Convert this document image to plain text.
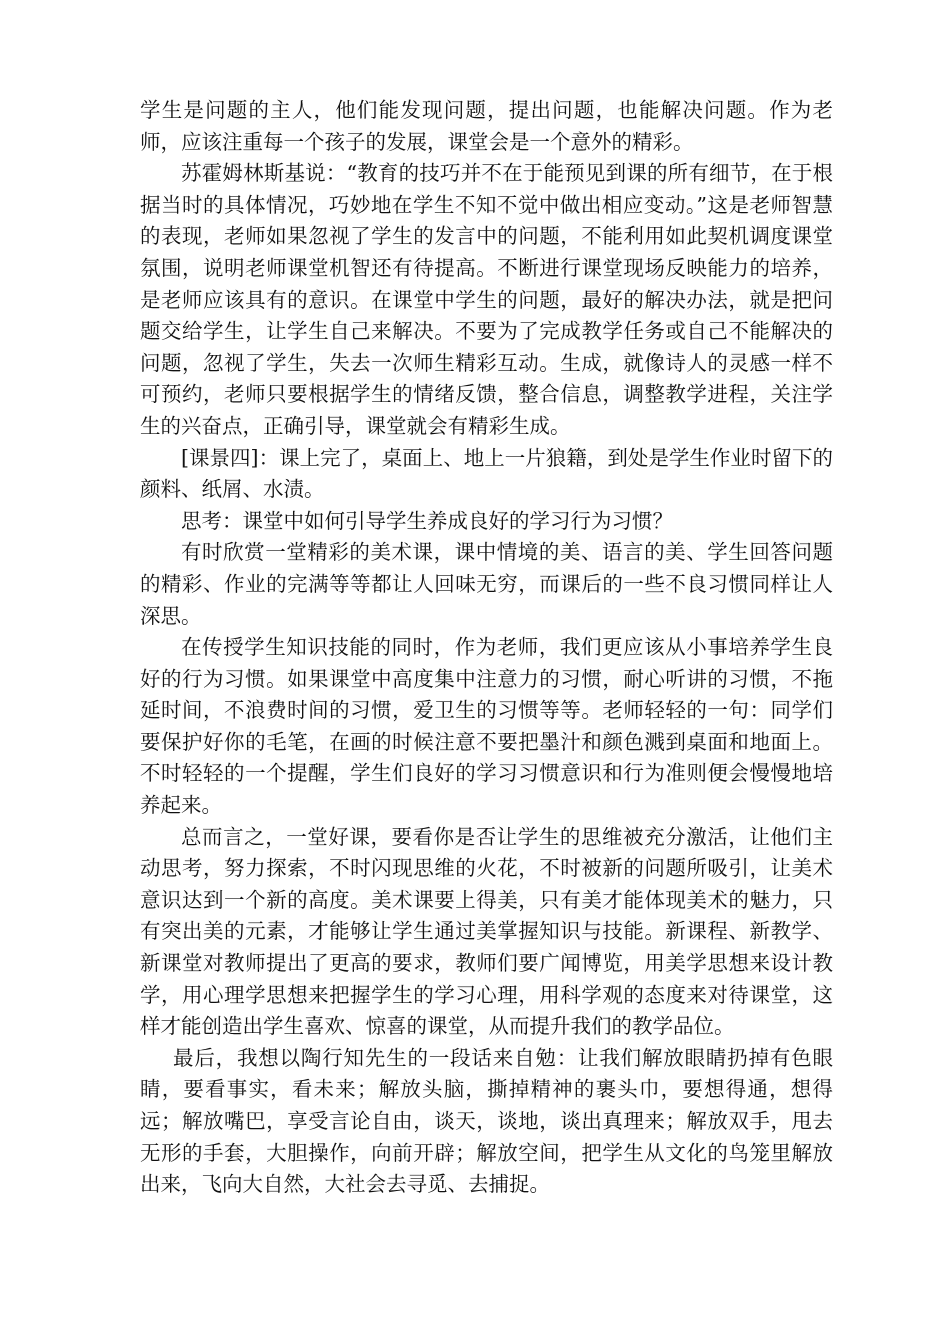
学生是问题的主人，他们能发现问题，提出问题，也能解决问题。作为老师，应该注重每一个孩子的发展，课堂会是一个意外的精彩。

苏霍姆林斯基说：“教育的技巧并不在于能预见到课的所有细节，在于根据当时的具体情况，巧妙地在学生不知不觉中做出相应变动。”这是老师智慧的表现，老师如果忽视了学生的发言中的问题，不能利用如此契机调度课堂氛围，说明老师课堂机智还有待提高。不断进行课堂现场反映能力的培养，是老师应该具有的意识。在课堂中学生的问题，最好的解决办法，就是把问题交给学生，让学生自己来解决。不要为了完成教学任务或自己不能解决的问题，忽视了学生，失去一次师生精彩互动。生成，就像诗人的灵感一样不可预约，老师只要根据学生的情绪反馈，整合信息，调整教学进程，关注学生的兴奋点，正确引导，课堂就会有精彩生成。

[课景四]：课上完了，桌面上、地上一片狼籍，到处是学生作业时留下的颜料、纸屑、水渍。

思考：课堂中如何引导学生养成良好的学习行为习惯？

有时欣赏一堂精彩的美术课，课中情境的美、语言的美、学生回答问题的精彩、作业的完满等等都让人回味无穷，而课后的一些不良习惯同样让人深思。

在传授学生知识技能的同时，作为老师，我们更应该从小事培养学生良好的行为习惯。如果课堂中高度集中注意力的习惯，耐心听讲的习惯，不拖延时间，不浪费时间的习惯，爱卫生的习惯等等。老师轻轻的一句：同学们要保护好你的毛笔，在画的时候注意不要把墨汁和颜色溅到桌面和地面上。不时轻轻的一个提醒，学生们良好的学习习惯意识和行为准则便会慢慢地培养起来。

总而言之，一堂好课，要看你是否让学生的思维被充分激活，让他们主动思考，努力探索，不时闪现思维的火花，不时被新的问题所吸引，让美术意识达到一个新的高度。美术课要上得美，只有美才能体现美术的魅力，只有突出美的元素，才能够让学生通过美掌握知识与技能。新课程、新教学、新课堂对教师提出了更高的要求，教师们要广闻博览，用美学思想来设计教学，用心理学思想来把握学生的学习心理，用科学观的态度来对待课堂，这样才能创造出学生喜欢、惊喜的课堂，从而提升我们的教学品位。

最后，我想以陶行知先生的一段话来自勉：让我们解放眼睛扔掉有色眼睛，要看事实，看未来；解放头脑，撕掉精神的裹头巾，要想得通，想得远；解放嘴巴，享受言论自由，谈天，谈地，谈出真理来；解放双手，甩去无形的手套，大胆操作，向前开辟；解放空间，把学生从文化的鸟笼里解放出来，飞向大自然，大社会去寻觅、去捕捉。
